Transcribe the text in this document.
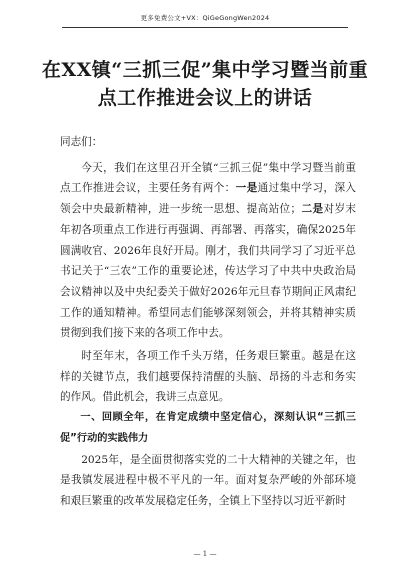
更多免费公文+VX：QiGeGongWen2024
在XX镇“三抓三促”集中学习暨当前重
点工作推进会议上的讲话

同志们：

今天，我们在这里召开全镇“三抓三促”集中学习暨当前重点工作推进会议，主要任务有两个：一是通过集中学习，深入领会中央最新精神，进一步统一思想、提高站位；二是对岁末年初各项重点工作进行再强调、再部署、再落实，确保2025年圆满收官、2026年良好开局。刚才，我们共同学习了习近平总书记关于“三农”工作的重要论述，传达学习了中共中央政治局会议精神以及中央纪委关于做好2026年元旦春节期间正风肃纪工作的通知精神。希望同志们能够深刻领会，并将其精神实质贯彻到我们接下来的各项工作中去。

时至年末，各项工作千头万绪，任务艰巨繁重。越是在这样的关键节点，我们越要保持清醒的头脑、昂扬的斗志和务实的作风。借此机会，我讲三点意见。

一、回顾全年，在肯定成绩中坚定信心，深刻认识“三抓三促”行动的实践伟力

2025年，是全面贯彻落实党的二十大精神的关键之年，也是我镇发展进程中极不平凡的一年。面对复杂严峻的外部环境和艰巨繁重的改革发展稳定任务，全镇上下坚持以习近平新时

— 1 —
